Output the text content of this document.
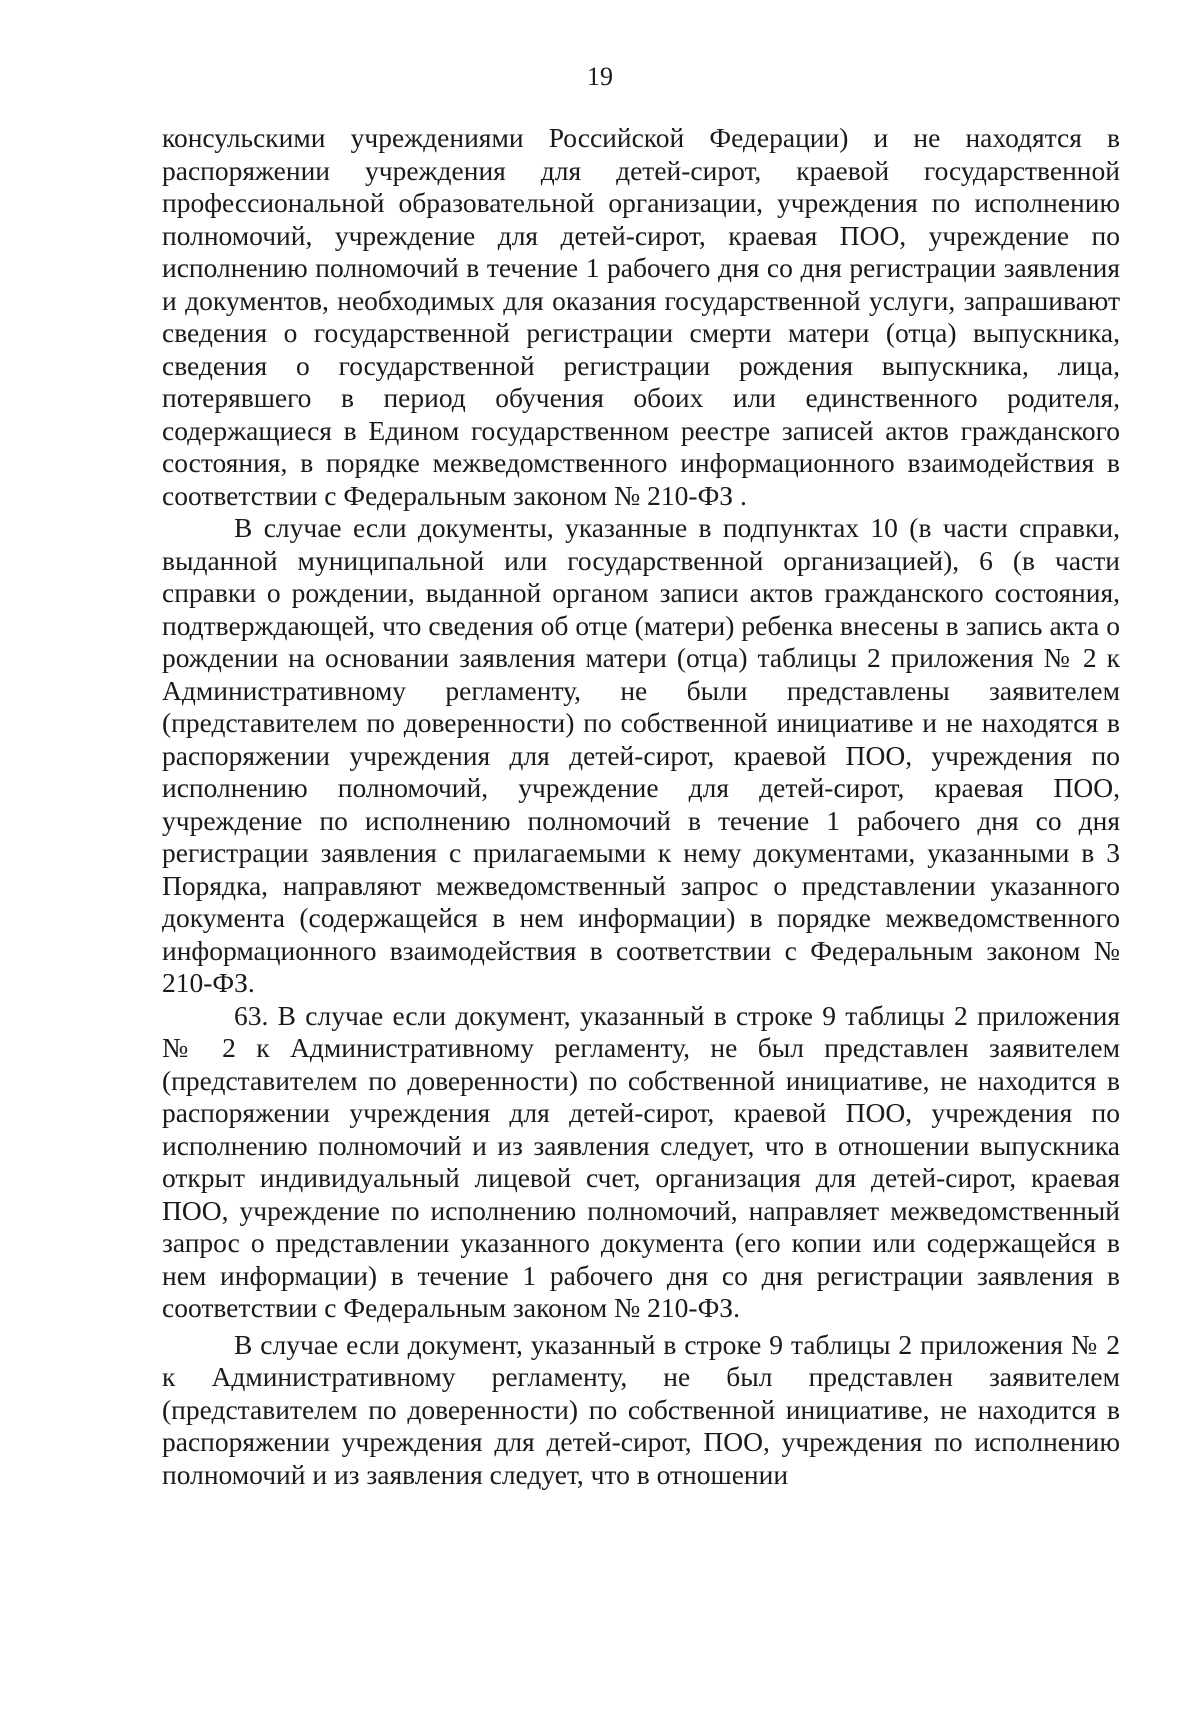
19

консульскими учреждениями Российской Федерации) и не находятся в распоряжении учреждения для детей-сирот, краевой государственной профессиональной образовательной организации, учреждения по исполнению полномочий, учреждение для детей-сирот, краевая ПОО, учреждение по исполнению полномочий в течение 1 рабочего дня со дня регистрации заявления и документов, необходимых для оказания государственной услуги, запрашивают сведения о государственной регистрации смерти матери (отца) выпускника, сведения о государственной регистрации рождения выпускника, лица, потерявшего в период обучения обоих или единственного родителя, содержащиеся в Едином государственном реестре записей актов гражданского состояния, в порядке межведомственного информационного взаимодействия в соответствии с Федеральным законом № 210-ФЗ .

В случае если документы, указанные в подпунктах 10 (в части справки, выданной муниципальной или государственной организацией), 6 (в части справки о рождении, выданной органом записи актов гражданского состояния, подтверждающей, что сведения об отце (матери) ребенка внесены в запись акта о рождении на основании заявления матери (отца) таблицы 2 приложения № 2 к Административному регламенту, не были представлены заявителем (представителем по доверенности) по собственной инициативе и не находятся в распоряжении учреждения для детей-сирот, краевой ПОО, учреждения по исполнению полномочий, учреждение для детей-сирот, краевая ПОО, учреждение по исполнению полномочий в течение 1 рабочего дня со дня регистрации заявления с прилагаемыми к нему документами, указанными в 3 Порядка, направляют межведомственный запрос о представлении указанного документа (содержащейся в нем информации) в порядке межведомственного информационного взаимодействия в соответствии с Федеральным законом № 210-ФЗ.

63. В случае если документ, указанный в строке 9 таблицы 2 приложения № 2 к Административному регламенту, не был представлен заявителем (представителем по доверенности) по собственной инициативе, не находится в распоряжении учреждения для детей-сирот, краевой ПОО, учреждения по исполнению полномочий и из заявления следует, что в отношении выпускника открыт индивидуальный лицевой счет, организация для детей-сирот, краевая ПОО, учреждение по исполнению полномочий, направляет межведомственный запрос о представлении указанного документа (его копии или содержащейся в нем информации) в течение 1 рабочего дня со дня регистрации заявления в соответствии с Федеральным законом № 210-ФЗ.

В случае если документ, указанный в строке 9 таблицы 2 приложения № 2 к Административному регламенту, не был представлен заявителем (представителем по доверенности) по собственной инициативе, не находится в распоряжении учреждения для детей-сирот, ПОО, учреждения по исполнению полномочий и из заявления следует, что в отношении
